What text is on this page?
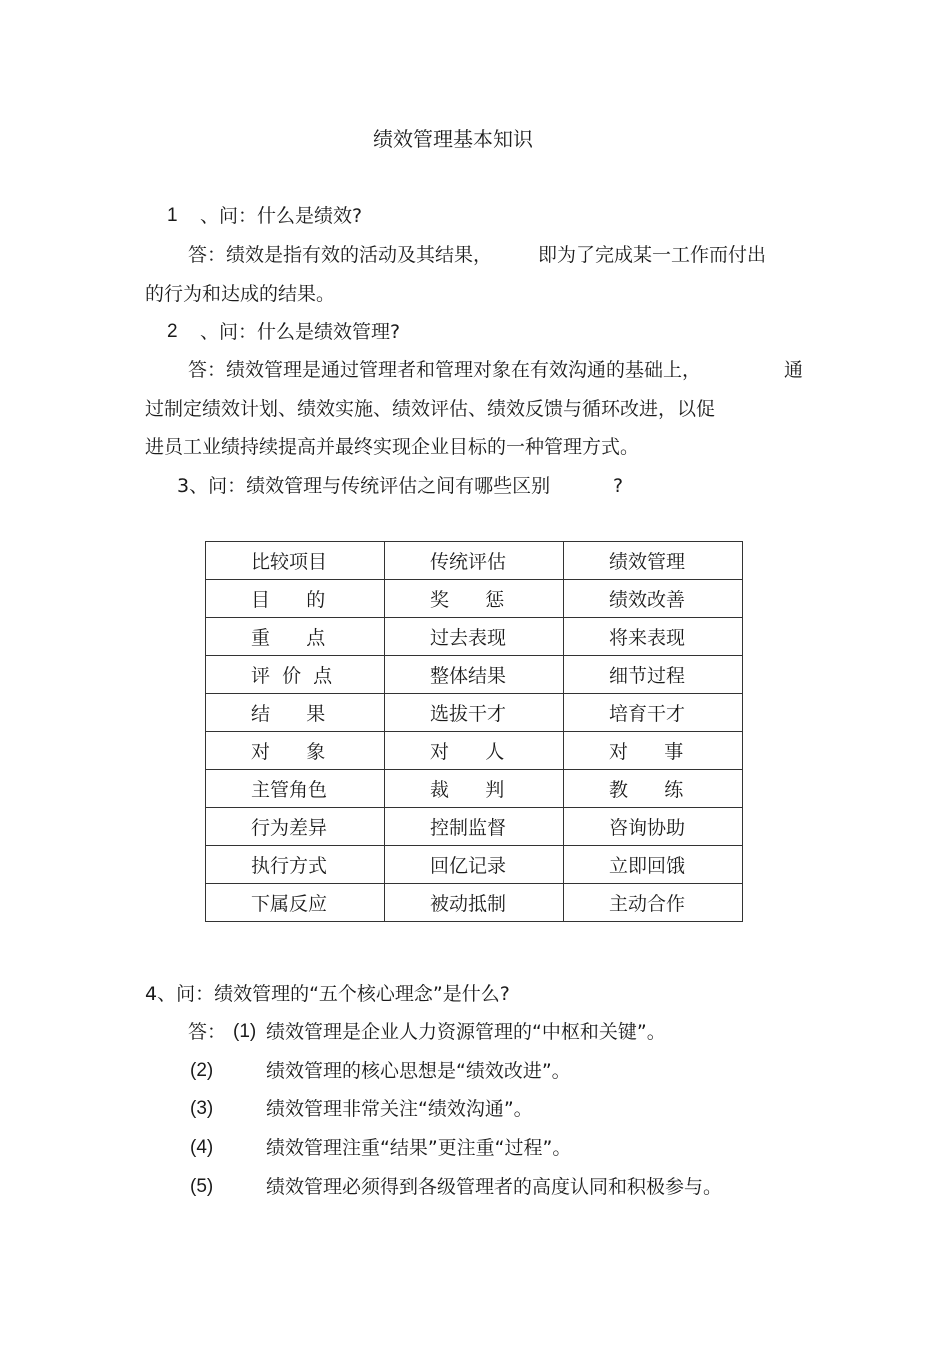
绩效管理基本知识
1 、问：什么是绩效?
答：绩效是指有效的活动及其结果， 即为了完成某一工作而付出
的行为和达成的结果。
2 、问：什么是绩效管理?
答：绩效管理是通过管理者和管理对象在有效沟通的基础上，	通
过制定绩效计划、绩效实施、绩效评估、绩效反馈与循环改进，以促
进员工业绩持续提高并最终实现企业目标的一种管理方式。
3、问：绩效管理与传统评估之间有哪些区别	?
比较项目	传统评估	绩效管理
目      的	奖      惩	绩效改善
重      点	过去表现	将来表现
评  价  点	整体结果	细节过程
结      果	选拔干才	培育干才
对      象	对      人	对      事
主管角色	裁      判	教      练
行为差异	控制监督	咨询协助
执行方式	回亿记录	立即回饿
下属反应	被动抵制	主动合作
4、问：绩效管理的“五个核心理念”是什么?
答： (1) 绩效管理是企业人力资源管理的“中枢和关键”。
(2)	绩效管理的核心思想是“绩效改进”。
(3)	绩效管理非常关注“绩效沟通”。
(4)	绩效管理注重“结果”更注重“过程”。
(5)	绩效管理必须得到各级管理者的高度认同和积极参与。
